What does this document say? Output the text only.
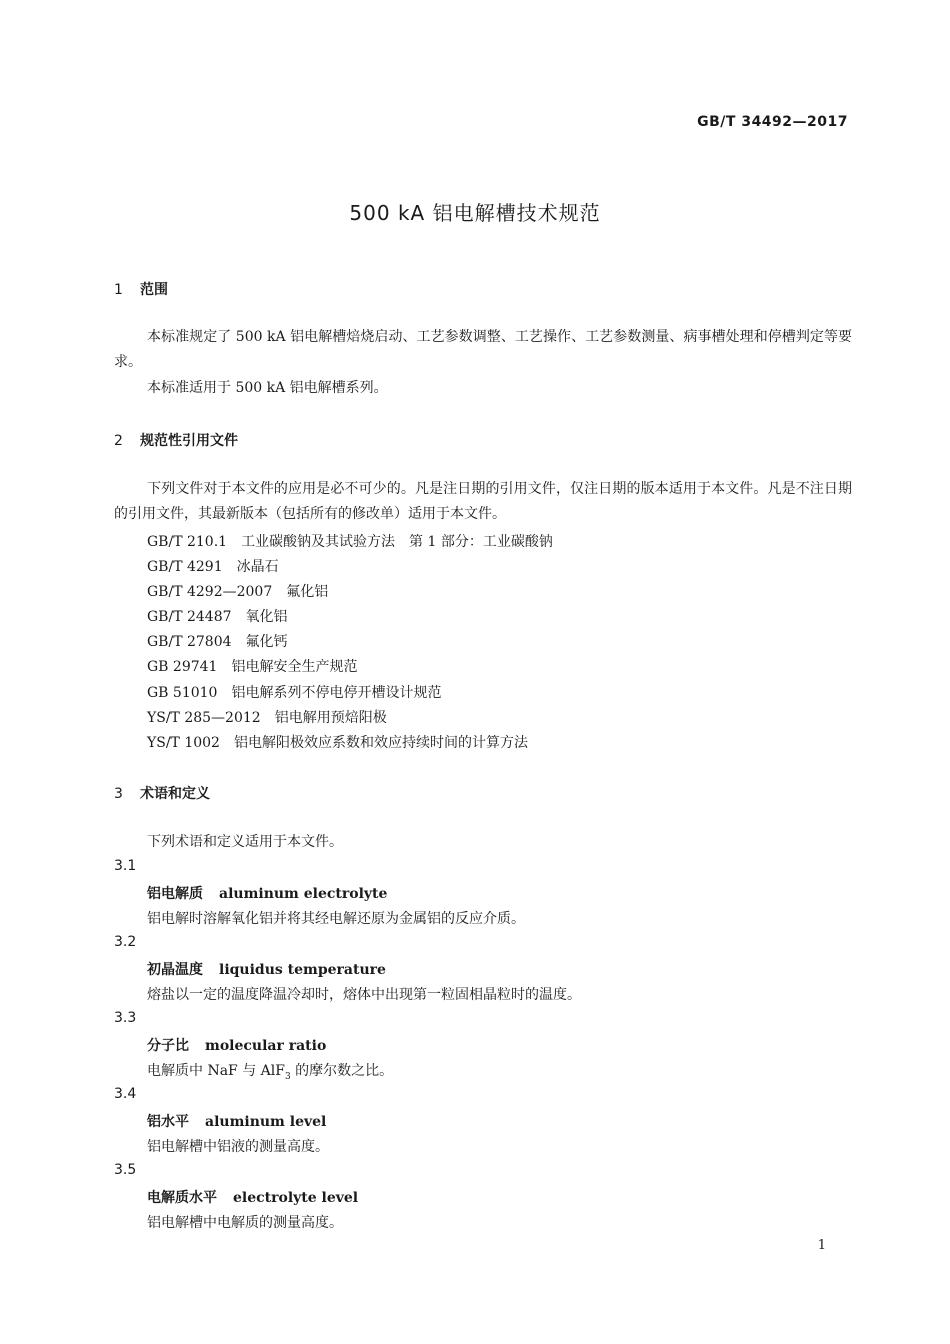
GB/T 34492—2017
500 kA 铝电解槽技术规范
1 范围
本标准规定了 500 kA 铝电解槽焙烧启动、工艺参数调整、工艺操作、工艺参数测量、病事槽处理和停槽判定等要求。
本标准适用于 500 kA 铝电解槽系列。
2 规范性引用文件
下列文件对于本文件的应用是必不可少的。凡是注日期的引用文件，仅注日期的版本适用于本文件。凡是不注日期的引用文件，其最新版本（包括所有的修改单）适用于本文件。
GB/T 210.1 工业碳酸钠及其试验方法　第 1 部分：工业碳酸钠
GB/T 4291 冰晶石
GB/T 4292—2007 氟化铝
GB/T 24487 氧化铝
GB/T 27804 氟化钙
GB 29741 铝电解安全生产规范
GB 51010 铝电解系列不停电停开槽设计规范
YS/T 285—2012 铝电解用预焙阳极
YS/T 1002 铝电解阳极效应系数和效应持续时间的计算方法
3 术语和定义
下列术语和定义适用于本文件。
3.1
铝电解质 aluminum electrolyte
铝电解时溶解氧化铝并将其经电解还原为金属铝的反应介质。
3.2
初晶温度 liquidus temperature
熔盐以一定的温度降温冷却时，熔体中出现第一粒固相晶粒时的温度。
3.3
分子比 molecular ratio
电解质中 NaF 与 AlF$_3$ 的摩尔数之比。
3.4
铝水平 aluminum level
铝电解槽中铝液的测量高度。
3.5
电解质水平 electrolyte level
铝电解槽中电解质的测量高度。
1
